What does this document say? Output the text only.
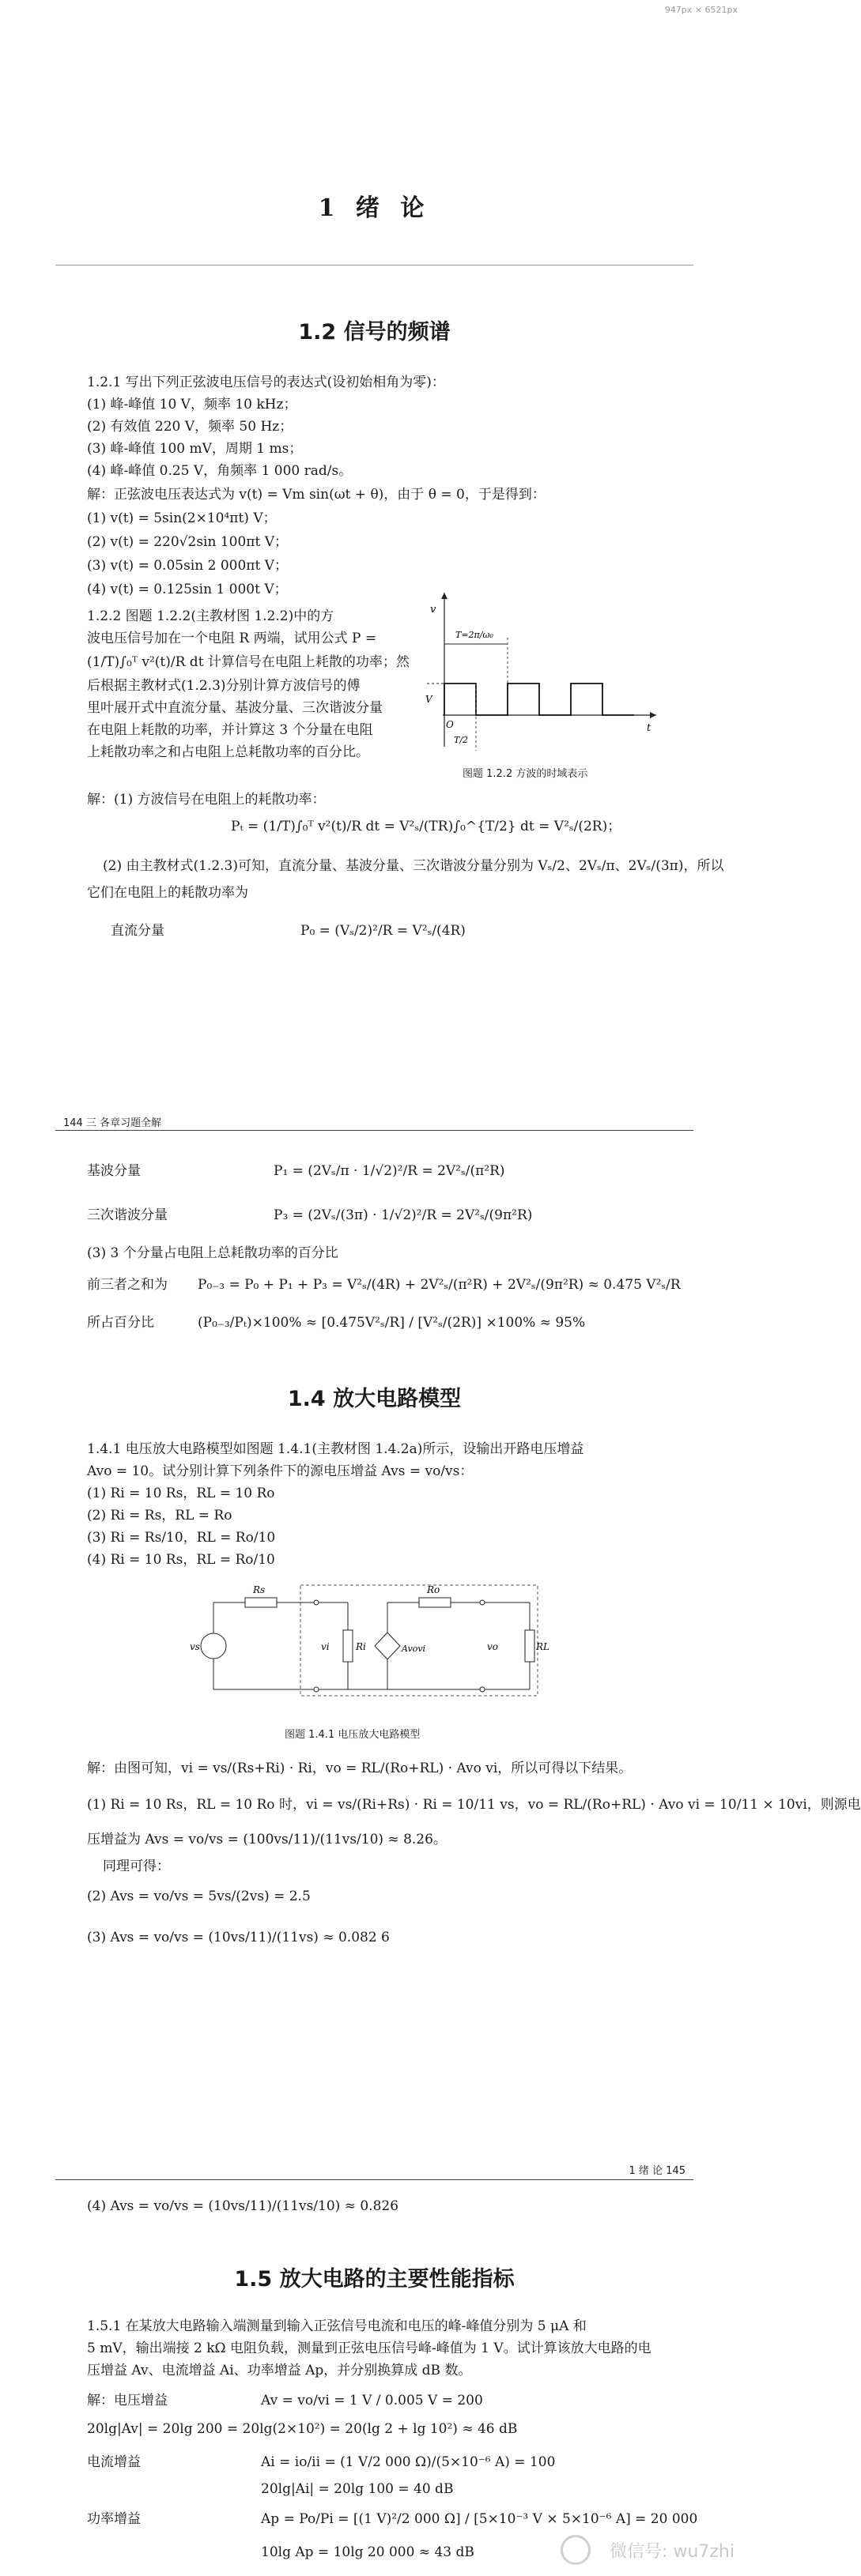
947px × 6521px
1 绪 论
1.2 信号的频谱
1.2.1 写出下列正弦波电压信号的表达式(设初始相角为零)：
(1) 峰-峰值 10 V，频率 10 kHz；
(2) 有效值 220 V，频率 50 Hz；
(3) 峰-峰值 100 mV，周期 1 ms；
(4) 峰-峰值 0.25 V，角频率 1 000 rad/s。
解：正弦波电压表达式为 v(t) = Vm sin(ωt + θ)，由于 θ = 0，于是得到：
(1) v(t) = 5sin(2×10⁴πt) V；
(2) v(t) = 220√2sin 100πt V；
(3) v(t) = 0.05sin 2 000πt V；
(4) v(t) = 0.125sin 1 000t V；
1.2.2 图题 1.2.2(主教材图 1.2.2)中的方
波电压信号加在一个电阻 R 两端，试用公式 P =
(1/T)∫₀ᵀ v²(t)/R dt 计算信号在电阻上耗散的功率；然
后根据主教材式(1.2.3)分别计算方波信号的傅
里叶展开式中直流分量、基波分量、三次谐波分量
在电阻上耗散的功率，并计算这 3 个分量在电阻
上耗散功率之和占电阻上总耗散功率的百分比。
v
V
O	t
T/2
T=2π/ω₀
图题 1.2.2 方波的时域表示
解：(1) 方波信号在电阻上的耗散功率：
Pₜ = (1/T)∫₀ᵀ v²(t)/R dt = V²ₛ/(TR)∫₀^{T/2} dt = V²ₛ/(2R)；
(2) 由主教材式(1.2.3)可知，直流分量、基波分量、三次谐波分量分别为 Vₛ/2、2Vₛ/π、2Vₛ/(3π)，所以
它们在电阻上的耗散功率为
直流分量	P₀ = (Vₛ/2)²/R = V²ₛ/(4R)
144 三 各章习题全解
基波分量	P₁ = (2Vₛ/π · 1/√2)²/R = 2V²ₛ/(π²R)
三次谐波分量	P₃ = (2Vₛ/(3π) · 1/√2)²/R = 2V²ₛ/(9π²R)
(3) 3 个分量占电阻上总耗散功率的百分比
前三者之和为 P₀₋₃ = P₀ + P₁ + P₃ = V²ₛ/(4R) + 2V²ₛ/(π²R) + 2V²ₛ/(9π²R) ≈ 0.475 V²ₛ/R
所占百分比	(P₀₋₃/Pₜ)×100% ≈ [0.475V²ₛ/R] / [V²ₛ/(2R)] ×100% ≈ 95%
1.4 放大电路模型
1.4.1 电压放大电路模型如图题 1.4.1(主教材图 1.4.2a)所示，设输出开路电压增益
Avo = 10。试分别计算下列条件下的源电压增益 Avs = vo/vs：
(1) Ri = 10 Rs，RL = 10 Ro
(2) Ri = Rs，RL = Ro
(3) Ri = Rs/10，RL = Ro/10
(4) Ri = 10 Rs，RL = Ro/10
vs
Rs
vi	Ri	Avovi
Ro
vo	RL
图题 1.4.1 电压放大电路模型
解：由图可知，vi = vs/(Rs+Ri) · Ri，vo = RL/(Ro+RL) · Avo vi，所以可得以下结果。
(1) Ri = 10 Rs，RL = 10 Ro 时，vi = vs/(Ri+Rs) · Ri = 10/11 vs，vo = RL/(Ro+RL) · Avo vi = 10/11 × 10vi，则源电
压增益为 Avs = vo/vs = (100vs/11)/(11vs/10) ≈ 8.26。
同理可得：
(2) Avs = vo/vs = 5vs/(2vs) = 2.5
(3) Avs = vo/vs = (10vs/11)/(11vs) ≈ 0.082 6
1 绪 论 145
(4) Avs = vo/vs = (10vs/11)/(11vs/10) ≈ 0.826
1.5 放大电路的主要性能指标
1.5.1 在某放大电路输入端测量到输入正弦信号电流和电压的峰-峰值分别为 5 μA 和
5 mV，输出端接 2 kΩ 电阻负载，测量到正弦电压信号峰-峰值为 1 V。试计算该放大电路的电
压增益 Av、电流增益 Ai、功率增益 Ap，并分别换算成 dB 数。
解：电压增益	Av = vo/vi = 1 V / 0.005 V = 200
20lg|Av| = 20lg 200 = 20lg(2×10²) = 20(lg 2 + lg 10²) ≈ 46 dB
电流增益	Ai = io/ii = (1 V/2 000 Ω)/(5×10⁻⁶ A) = 100
20lg|Ai| = 20lg 100 = 40 dB
功率增益	Ap = Po/Pi = [(1 V)²/2 000 Ω] / [5×10⁻³ V × 5×10⁻⁶ A] = 20 000
10lg Ap = 10lg 20 000 ≈ 43 dB	微信号: wu7zhi
